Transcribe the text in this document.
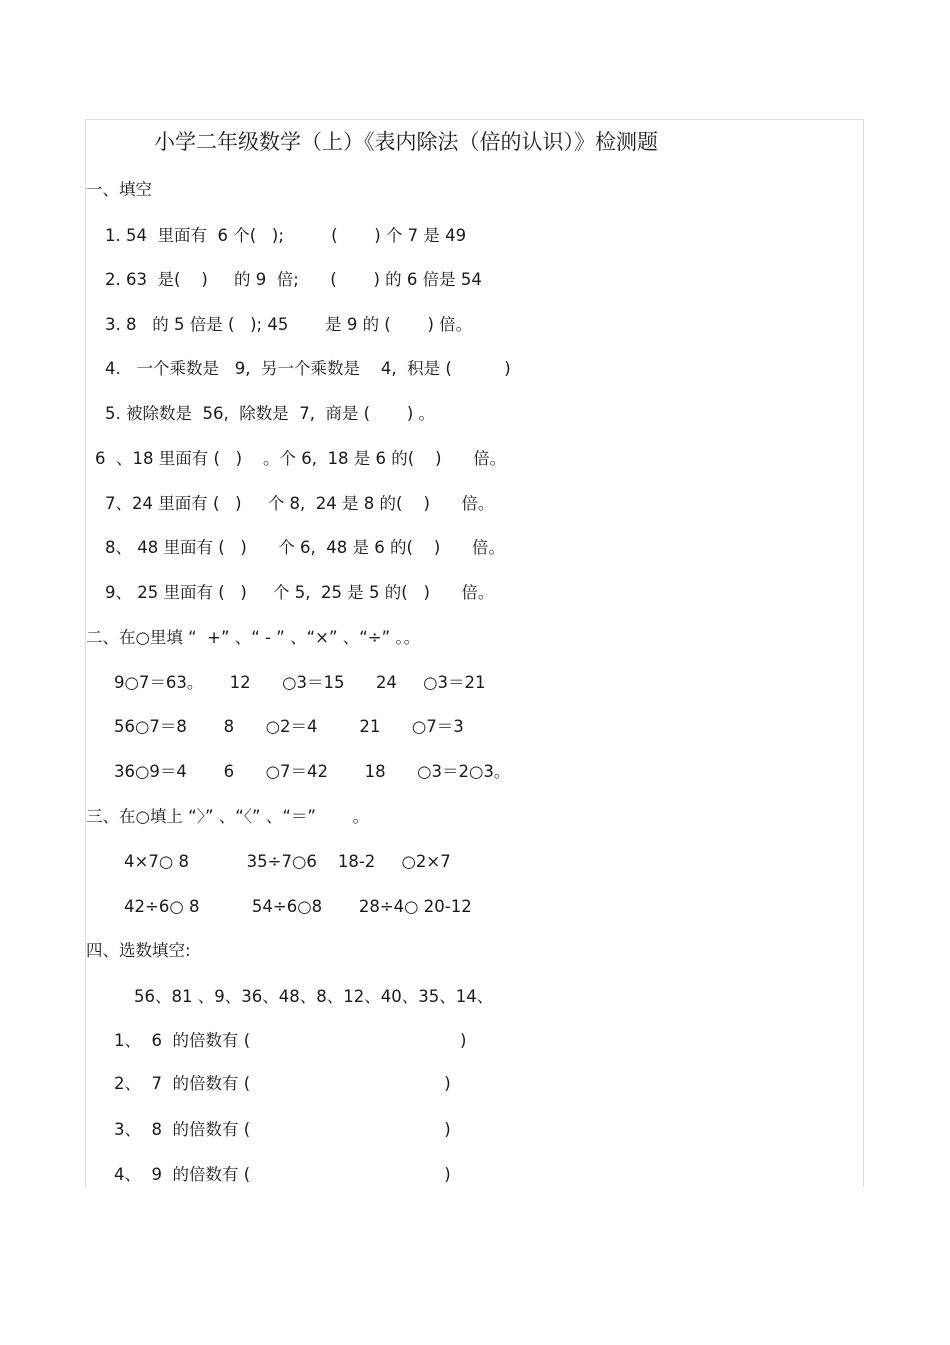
小学二年级数学（上）《表内除法（倍的认识）》检测题
一、填空
1. 54  里面有  6 个(   );         (       ) 个 7 是 49
2. 63  是(    )     的 9  倍;      (       ) 的 6 倍是 54
3. 8   的 5 倍是 (   ); 45       是 9 的 (       ) 倍。
4.   一个乘数是   9,  另一个乘数是    4,  积是 (          )
5. 被除数是  56,  除数是  7,  商是 (       ) 。
6  、18 里面有 (   )    。个 6,  18 是 6 的(    )      倍。
7、24 里面有 (   )     个 8,  24 是 8 的(    )      倍。
8、 48 里面有 (   )      个 6,  48 是 6 的(    )      倍。
9、 25 里面有 (   )     个 5,  25 是 5 的(   )      倍。
二、在○里填 “  +” 、“ - ” 、“×” 、“÷” 。。
9○7＝63。     12      ○3＝15      24     ○3＝21
56○7＝8       8      ○2＝4        21      ○7＝3
36○9＝4       6      ○7＝42       18      ○3＝2○3。
三、在○填上 “〉” 、“〈” 、“＝”       。
4×7○ 8           35÷7○6    18-2     ○2×7
42÷6○ 8          54÷6○8       28÷4○ 20-12
四、选数填空:
56、81 、9、36、48、8、12、40、35、14、
1、  6  的倍数有 (                                        )
2、  7  的倍数有 (                                     )
3、  8  的倍数有 (                                     )
4、  9  的倍数有 (                                     )
